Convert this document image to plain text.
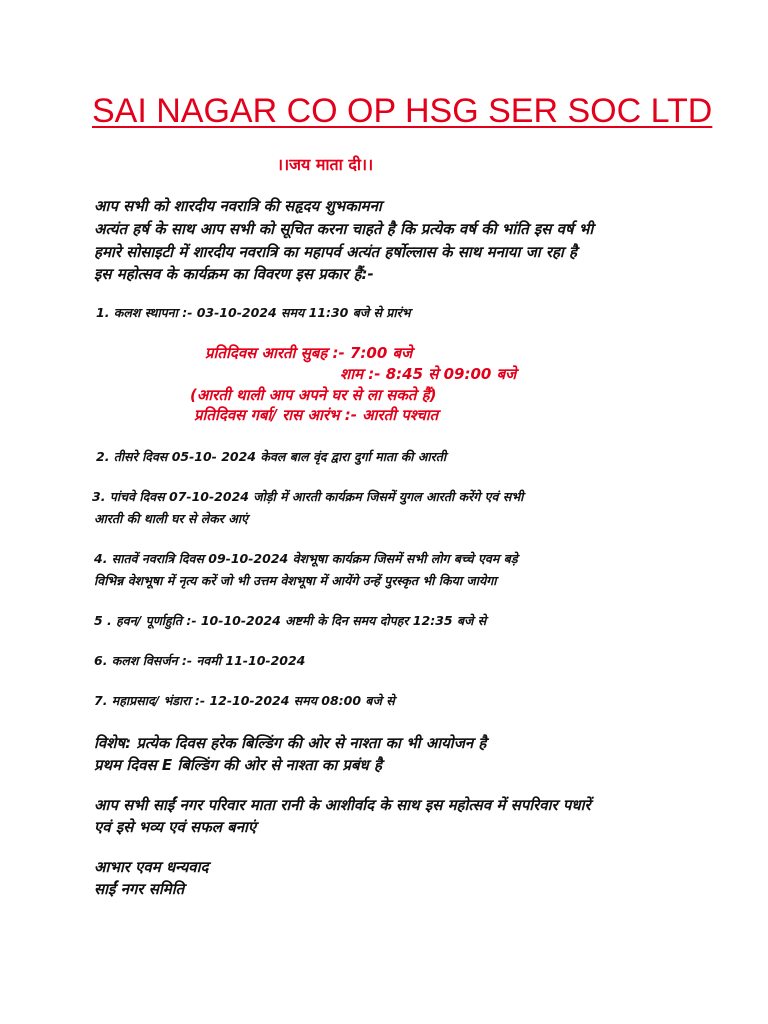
SAI NAGAR CO OP HSG SER SOC LTD
।।जय माता दी।।
आप सभी को शारदीय नवरात्रि की सहृदय शुभकामना
अत्यंत हर्ष के साथ आप सभी को सूचित करना चाहते है कि प्रत्येक वर्ष की भांति इस वर्ष भी
हमारे सोसाइटी में शारदीय नवरात्रि का महापर्व अत्यंत हर्षोल्लास के साथ मनाया जा रहा है
इस महोत्सव के कार्यक्रम का विवरण इस प्रकार हैं:-
1. कलश स्थापना :- 03-10-2024 समय 11:30 बजे से प्रारंभ
प्रतिदिवस आरती सुबह :- 7:00 बजे
शाम :- 8:45 से 09:00 बजे
(आरती थाली आप अपने घर से ला सकते हैं)
प्रतिदिवस गर्बा/ रास आरंभ :- आरती पश्चात
2. तीसरे दिवस 05-10- 2024 केवल बाल वृंद द्वारा दुर्गा माता की आरती
3. पांचवे दिवस 07-10-2024 जोड़ी में आरती कार्यक्रम जिसमें युगल आरती करेंगे एवं सभी
आरती की थाली घर से लेकर आएं
4. सातवें नवरात्रि दिवस 09-10-2024 वेशभूषा कार्यक्रम जिसमें सभी लोग बच्चे एवम बड़े
विभिन्न वेशभूषा में नृत्य करें जो भी उत्तम वेशभूषा में आयेंगे उन्हें पुरस्कृत भी किया जायेगा
5 . हवन/ पूर्णाहुति :- 10-10-2024 अष्टमी के दिन समय दोपहर 12:35 बजे से
6. कलश विसर्जन :- नवमी 11-10-2024
7. महाप्रसाद/ भंडारा :- 12-10-2024 समय 08:00 बजे से
विशेष: प्रत्येक दिवस हरेक बिल्डिंग की ओर से नाश्ता का भी आयोजन है
प्रथम दिवस E बिल्डिंग की ओर से नाश्ता का प्रबंध है
आप सभी साईं नगर परिवार माता रानी के आशीर्वाद के साथ इस महोत्सव में सपरिवार पधारें
एवं इसे भव्य एवं सफल बनाएं
आभार एवम धन्यवाद
साईं नगर समिति
